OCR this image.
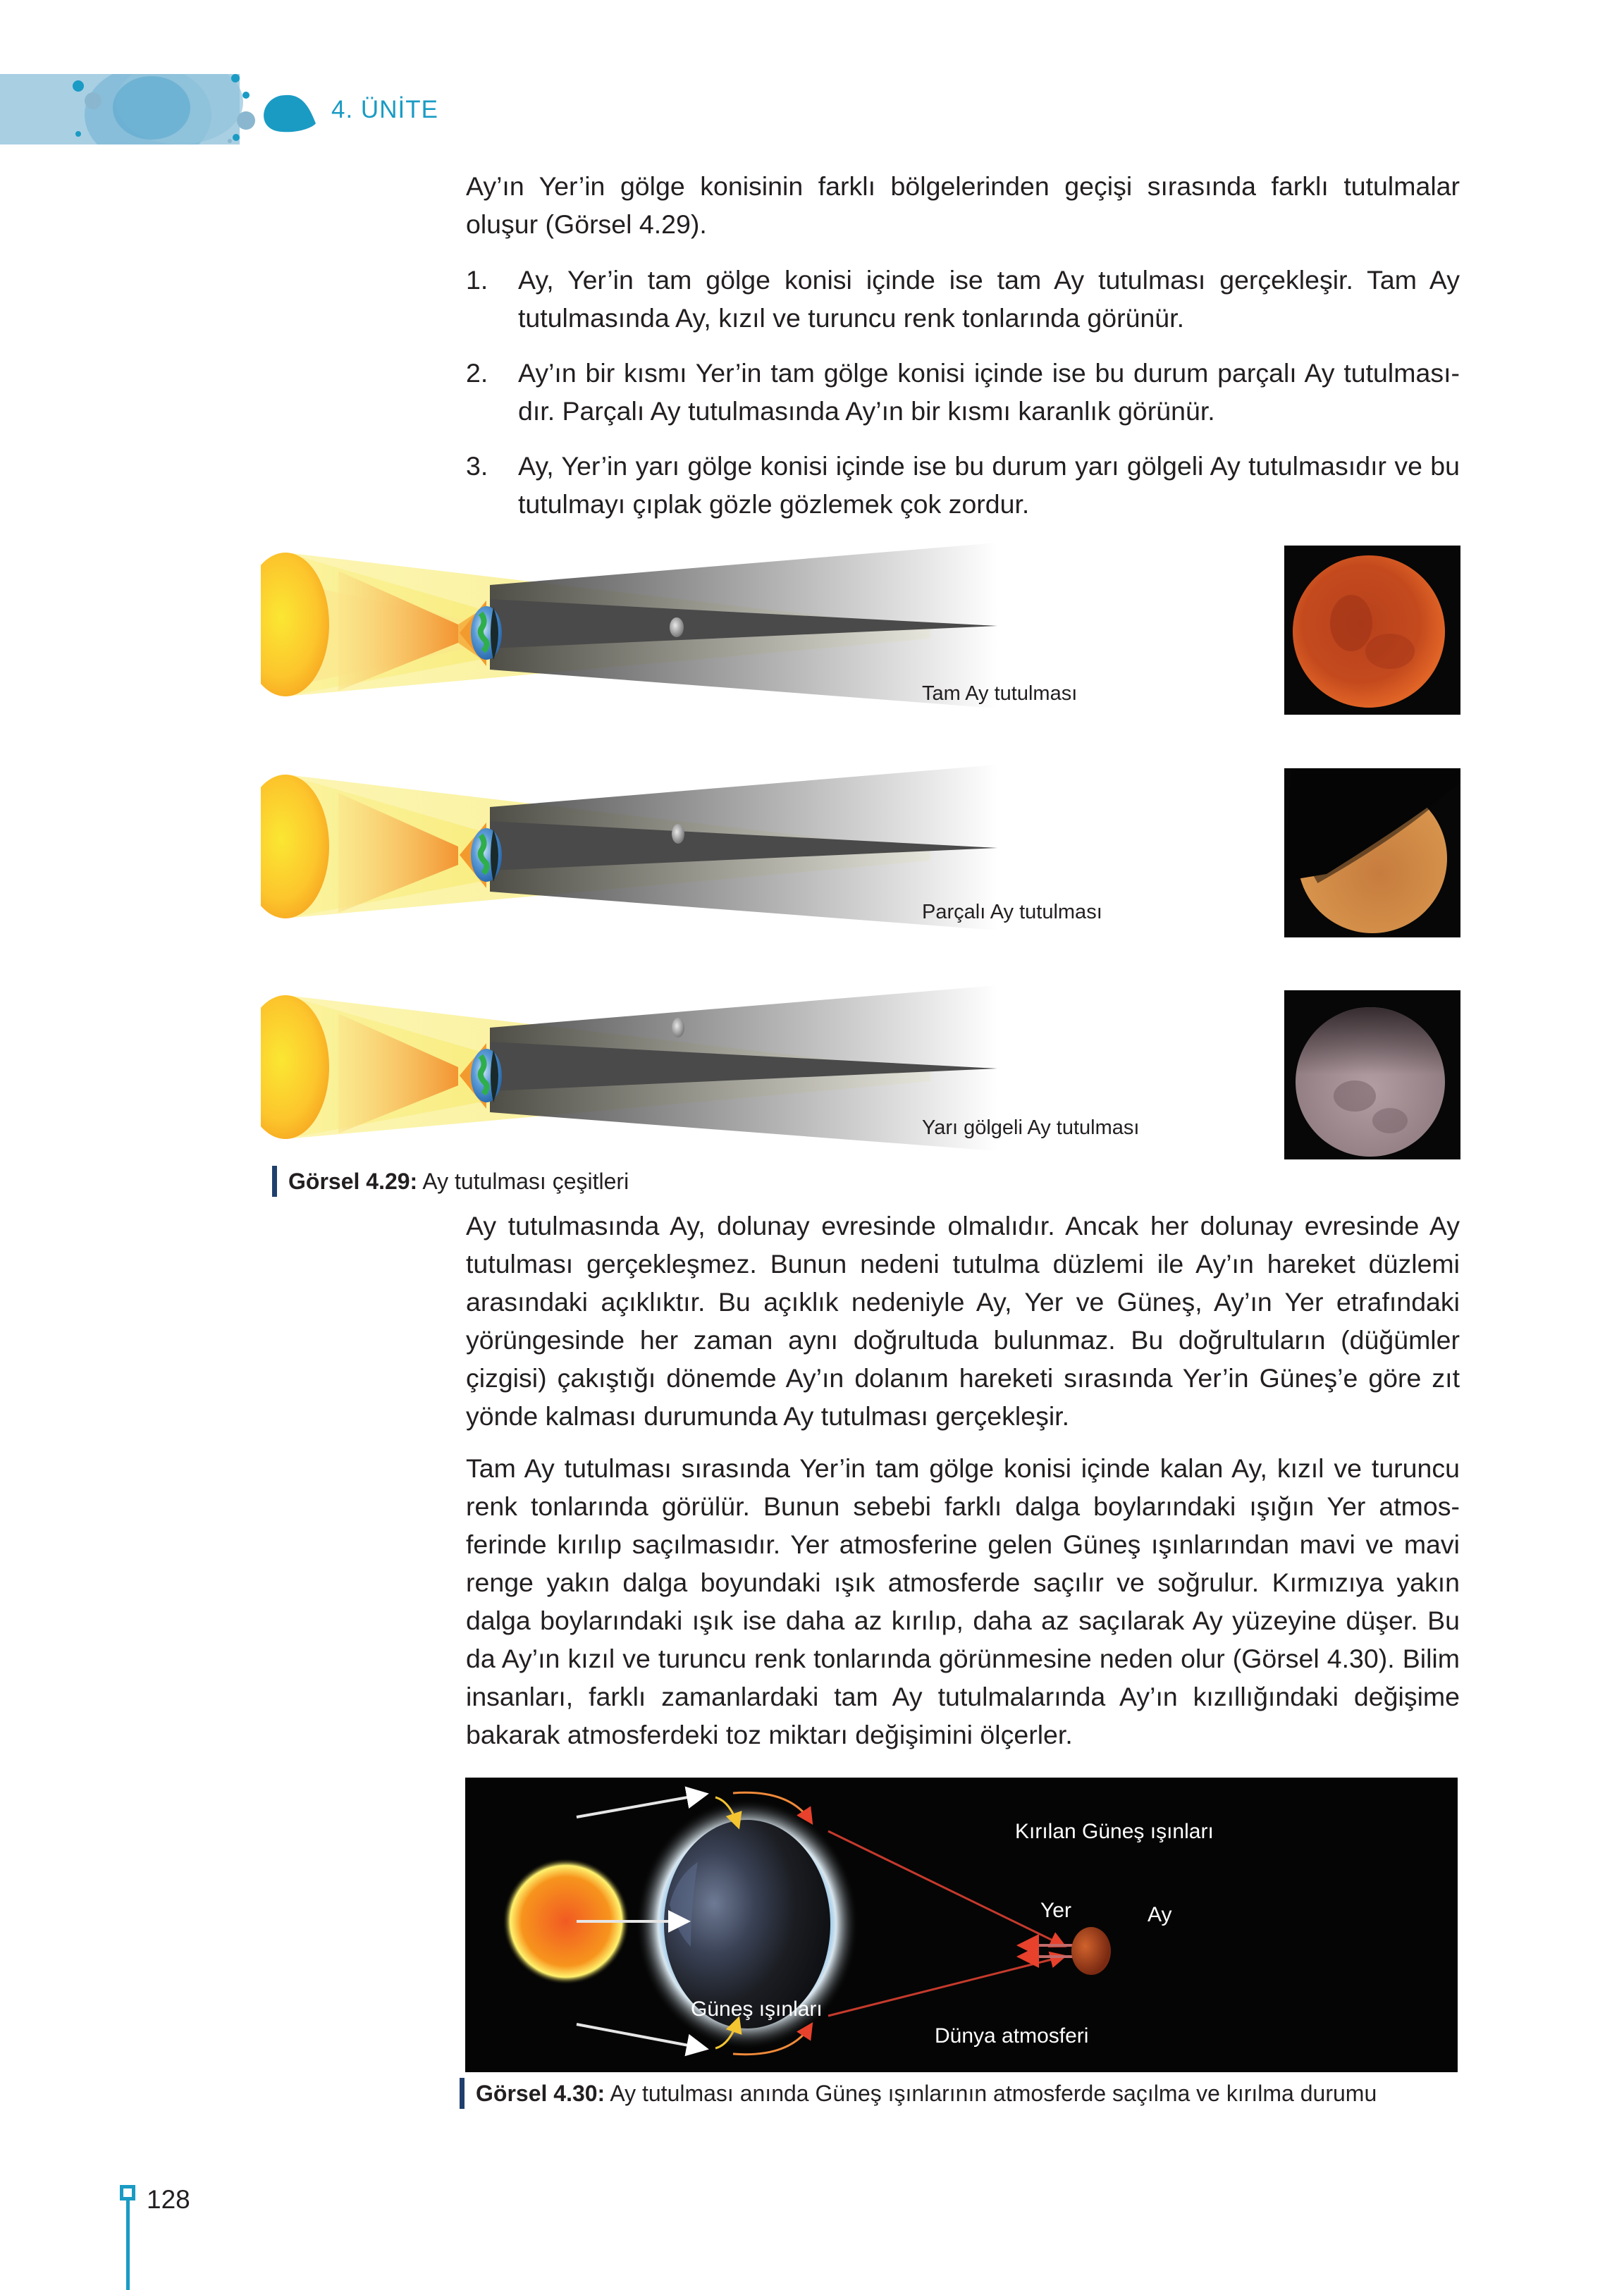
4. ÜNİTE

Ay’ın Yer’in gölge konisinin farklı bölgelerinden geçişi sırasında farklı tutulmalar oluşur (Görsel 4.29).

1.	Ay, Yer’in tam gölge konisi içinde ise tam Ay tutulması gerçekleşir. Tam Ay tutulmasında Ay, kızıl ve turuncu renk tonlarında görünür.
2.	Ay’ın bir kısmı Yer’in tam gölge konisi içinde ise bu durum parçalı Ay tutulması-dır. Parçalı Ay tutulmasında Ay’ın bir kısmı karanlık görünür.
3.	Ay, Yer’in yarı gölge konisi içinde ise bu durum yarı gölgeli Ay tutulmasıdır ve bu tutulmayı çıplak gözle gözlemek çok zordur.
Tam Ay tutulması
Parçalı Ay tutulması
Yarı gölgeli Ay tutulması
Görsel 4.29: Ay tutulması çeşitleri

Ay tutulmasında Ay, dolunay evresinde olmalıdır. Ancak her dolunay evresinde Ay tutulması gerçekleşmez. Bunun nedeni tutulma düzlemi ile Ay’ın hareket düzlemi arasındaki açıklıktır. Bu açıklık nedeniyle Ay, Yer ve Güneş, Ay’ın Yer etrafındaki yörüngesinde her zaman aynı doğrultuda bulunmaz. Bu doğrultuların (düğümler çizgisi) çakıştığı dönemde Ay’ın dolanım hareketi sırasında Yer’in Güneş’e göre zıt yönde kalması durumunda Ay tutulması gerçekleşir.

Tam Ay tutulması sırasında Yer’in tam gölge konisi içinde kalan Ay, kızıl ve turuncu renk tonlarında görülür. Bunun sebebi farklı dalga boylarındaki ışığın Yer atmos-ferinde kırılıp saçılmasıdır. Yer atmosferine gelen Güneş ışınlarından mavi ve mavi renge yakın dalga boyundaki ışık atmosferde saçılır ve soğrulur. Kırmızıya yakın dalga boylarındaki ışık ise daha az kırılıp, daha az saçılarak Ay yüzeyine düşer. Bu da Ay’ın kızıl ve turuncu renk tonlarında görünmesine neden olur (Görsel 4.30). Bilim insanları, farklı zamanlardaki tam Ay tutulmalarında Ay’ın kızıllığındaki değişime bakarak atmosferdeki toz miktarı değişimini ölçerler.

Kırılan Güneş ışınları
Yer	Ay
Güneş ışınları
Dünya atmosferi
Görsel 4.30: Ay tutulması anında Güneş ışınlarının atmosferde saçılma ve kırılma durumu
128
